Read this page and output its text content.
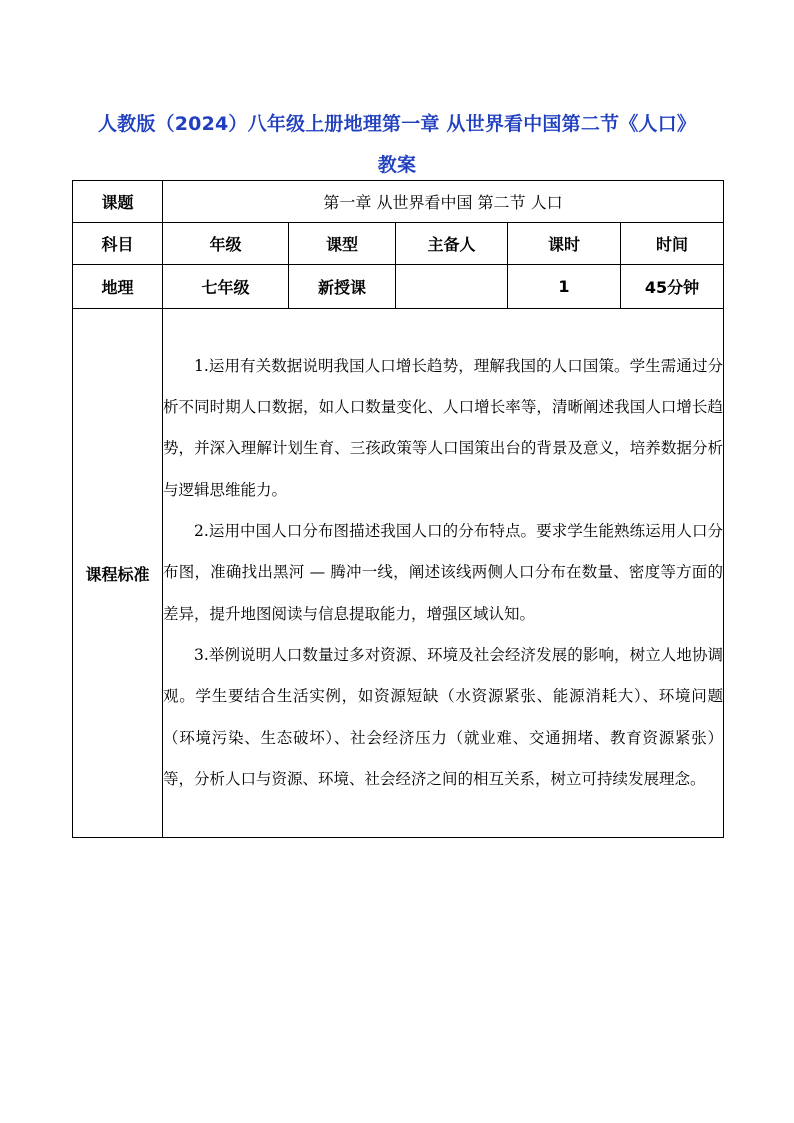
人教版（2024）八年级上册地理第一章 从世界看中国第二节《人口》
教案
课题	第一章 从世界看中国 第二节 人口				
科目	年级	课型	主备人	课时	时间
地理	七年级	新授课		1	45分钟
课程标准	1.运用有关数据说明我国人口增长趋势，理解我国的人口国策。学生需通过分析不同时期人口数据，如人口数量变化、人口增长率等，清晰阐述我国人口增长趋势，并深入理解计划生育、三孩政策等人口国策出台的背景及意义，培养数据分析与逻辑思维能力。

2.运用中国人口分布图描述我国人口的分布特点。要求学生能熟练运用人口分布图，准确找出黑河 — 腾冲一线，阐述该线两侧人口分布在数量、密度等方面的差异，提升地图阅读与信息提取能力，增强区域认知。

3.举例说明人口数量过多对资源、环境及社会经济发展的影响，树立人地协调观。学生要结合生活实例，如资源短缺（水资源紧张、能源消耗大）、环境问题（环境污染、生态破坏）、社会经济压力（就业难、交通拥堵、教育资源紧张）等，分析人口与资源、环境、社会经济之间的相互关系，树立可持续发展理念。				
